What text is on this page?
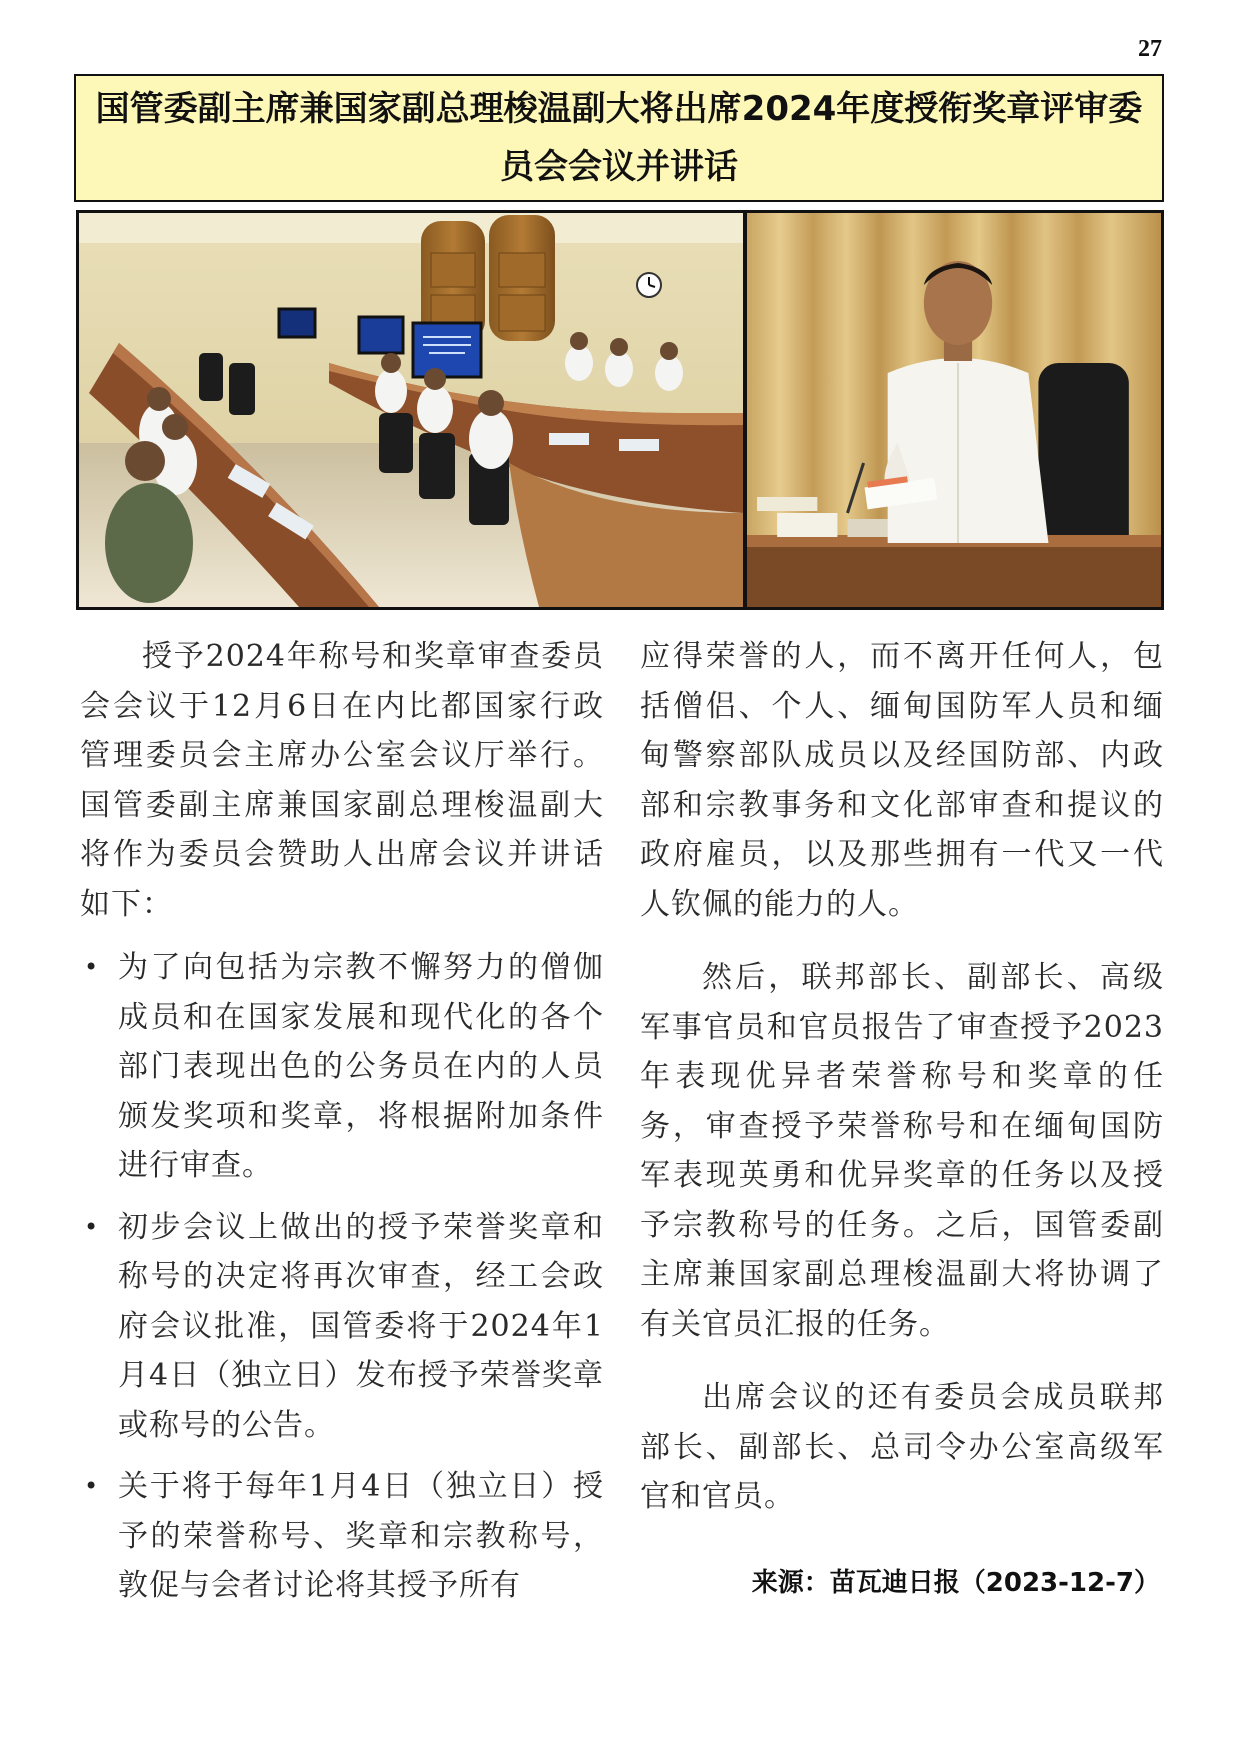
27
国管委副主席兼国家副总理梭温副大将出席2024年度授衔奖章评审委员会会议并讲话

授予2024年称号和奖章审查委员会会议于12月6日在内比都国家行政管理委员会主席办公室会议厅举行。国管委副主席兼国家副总理梭温副大将作为委员会赞助人出席会议并讲话如下：

• 为了向包括为宗教不懈努力的僧伽成员和在国家发展和现代化的各个部门表现出色的公务员在内的人员颁发奖项和奖章，将根据附加条件进行审查。
• 初步会议上做出的授予荣誉奖章和称号的决定将再次审查，经工会政府会议批准，国管委将于2024年1月4日（独立日）发布授予荣誉奖章或称号的公告。
• 关于将于每年1月4日（独立日）授予的荣誉称号、奖章和宗教称号，敦促与会者讨论将其授予所有

应得荣誉的人，而不离开任何人，包括僧侣、个人、缅甸国防军人员和缅甸警察部队成员以及经国防部、内政部和宗教事务和文化部审查和提议的政府雇员，以及那些拥有一代又一代人钦佩的能力的人。

然后，联邦部长、副部长、高级军事官员和官员报告了审查授予2023年表现优异者荣誉称号和奖章的任务，审查授予荣誉称号和在缅甸国防军表现英勇和优异奖章的任务以及授予宗教称号的任务。之后，国管委副主席兼国家副总理梭温副大将协调了有关官员汇报的任务。

出席会议的还有委员会成员联邦部长、副部长、总司令办公室高级军官和官员。

来源：苗瓦迪日报（2023-12-7）
